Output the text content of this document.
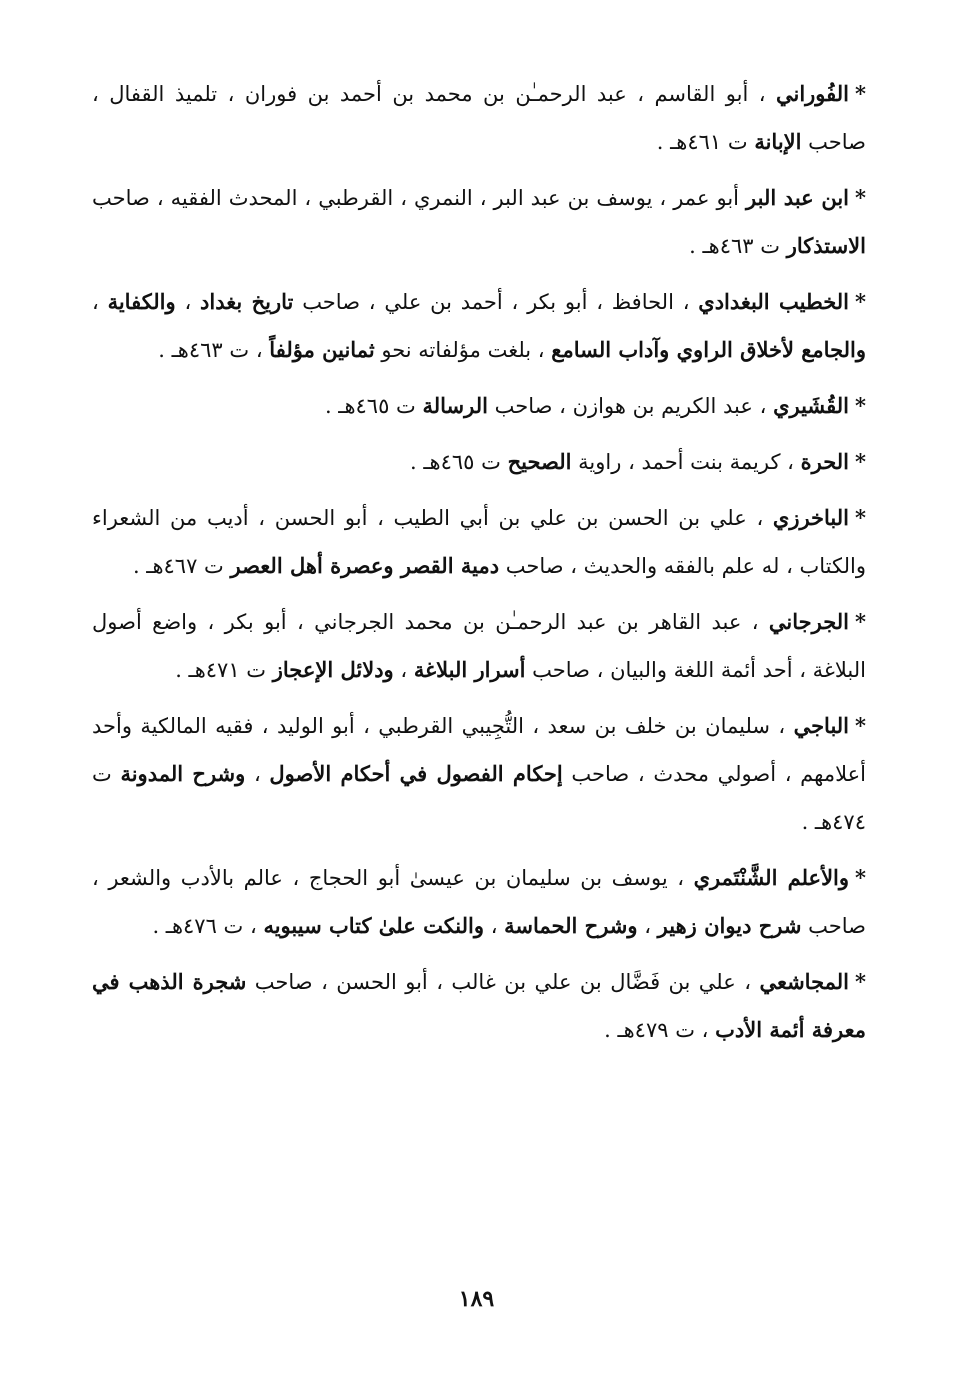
*الفُوراني ، أبو القاسم ، عبد الرحمـٰن بن محمد بن أحمد بن فوران ، تلميذ القفال ، صاحب الإبانة ت ٤٦١هـ .

*ابن عبد البر أبو عمر ، يوسف بن عبد البر ، النمري ، القرطبي ، المحدث الفقيه ، صاحب الاستذكار ت ٤٦٣هـ .

*الخطيب البغدادي ، الحافظ ، أبو بكر ، أحمد بن علي ، صاحب تاريخ بغداد ، والكفاية ، والجامع لأخلاق الراوي وآداب السامع ، بلغت مؤلفاته نحو ثمانين مؤلفاً ، ت ٤٦٣هـ .

*القُشَيري ، عبد الكريم بن هوازن ، صاحب الرسالة ت ٤٦٥هـ .

*الحرة ، كريمة بنت أحمد ، راوية الصحيح ت ٤٦٥هـ .

*الباخرزي ، علي بن الحسن بن علي بن أبي الطيب ، أبو الحسن ، أديب من الشعراء والكتاب ، له علم بالفقه والحديث ، صاحب دمية القصر وعصرة أهل العصر ت ٤٦٧هـ .

*الجرجاني ، عبد القاهر بن عبد الرحمـٰن بن محمد الجرجاني ، أبو بكر ، واضع أصول البلاغة ، أحد أئمة اللغة والبيان ، صاحب أسرار البلاغة ، ودلائل الإعجاز ت ٤٧١هـ .

*الباجي ، سليمان بن خلف بن سعد ، التُّجِيبي القرطبي ، أبو الوليد ، فقيه المالكية وأحد أعلامهم ، أصولي محدث ، صاحب إحكام الفصول في أحكام الأصول ، وشرح المدونة ت ٤٧٤هـ .

*والأعلم الشَّنْتَمري ، يوسف بن سليمان بن عيسىٰ أبو الحجاج ، عالم بالأدب والشعر ، صاحب شرح ديوان زهير ، وشرح الحماسة ، والنكت علىٰ كتاب سيبويه ، ت ٤٧٦هـ .

*المجاشعي ، علي بن فَضَّال بن علي بن غالب ، أبو الحسن ، صاحب شجرة الذهب في معرفة أئمة الأدب ، ت ٤٧٩هـ .

١٨٩
